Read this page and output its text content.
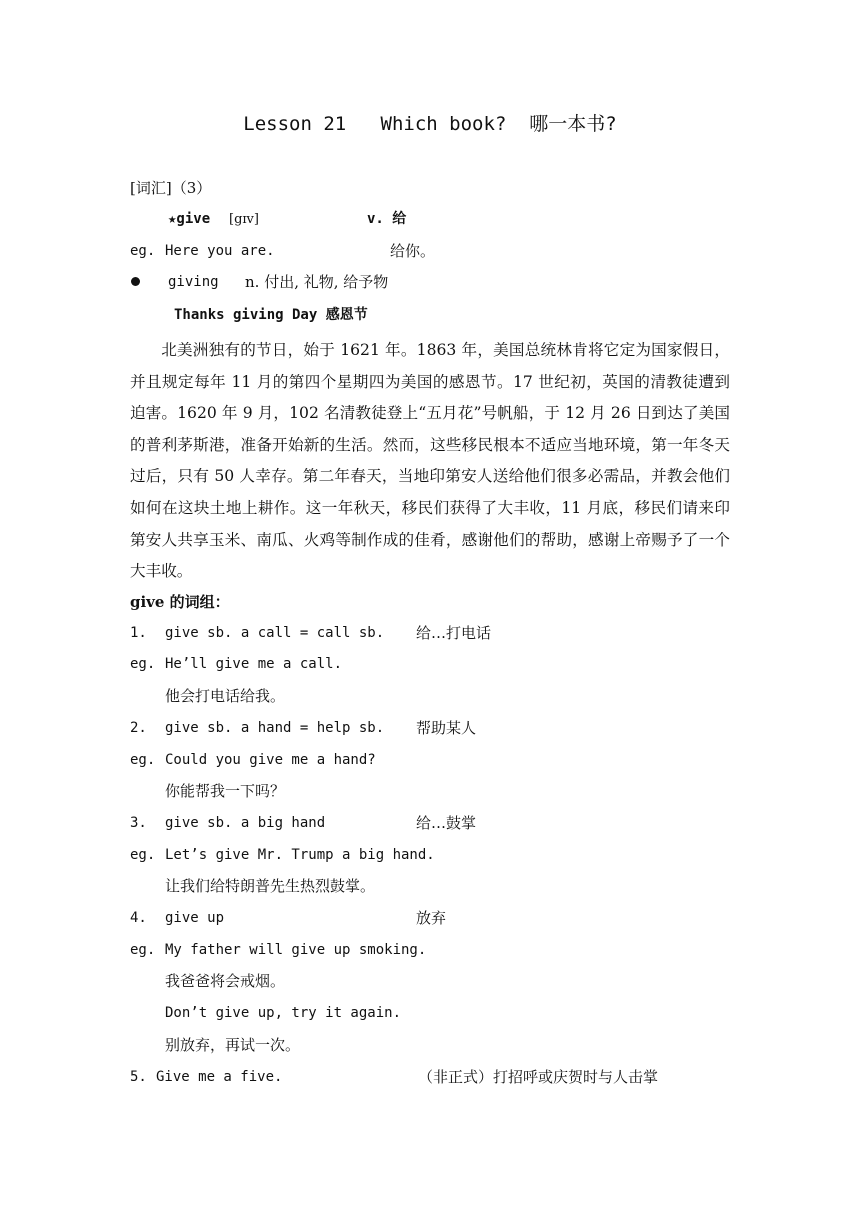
Lesson 21   Which book?  哪一本书?
[词汇]（3）
★give [gɪv]	v. 给
eg. Here you are.	给你。
giving n. 付出, 礼物, 给予物
Thanks giving Day 感恩节
北美洲独有的节日，始于 1621 年。1863 年，美国总统林肯将它定为国家假日，并且规定每年 11 月的第四个星期四为美国的感恩节。17 世纪初，英国的清教徒遭到迫害。1620 年 9 月，102 名清教徒登上“五月花”号帆船，于 12 月 26 日到达了美国的普利茅斯港，准备开始新的生活。然而，这些移民根本不适应当地环境，第一年冬天过后，只有 50 人幸存。第二年春天，当地印第安人送给他们很多必需品，并教会他们如何在这块土地上耕作。这一年秋天，移民们获得了大丰收，11 月底，移民们请来印第安人共享玉米、南瓜、火鸡等制作成的佳肴，感谢他们的帮助，感谢上帝赐予了一个大丰收。
give 的词组：
1. give sb. a call = call sb. 给…打电话
eg. He’ll give me a call.
他会打电话给我。
2. give sb. a hand = help sb. 帮助某人
eg. Could you give me a hand?
你能帮我一下吗？
3. give sb. a big hand	给…鼓掌
eg. Let’s give Mr. Trump a big hand.
让我们给特朗普先生热烈鼓掌。
4. give up	放弃
eg. My father will give up smoking.
我爸爸将会戒烟。
Don’t give up, try it again.
别放弃，再试一次。
5. Give me a five.	（非正式）打招呼或庆贺时与人击掌
